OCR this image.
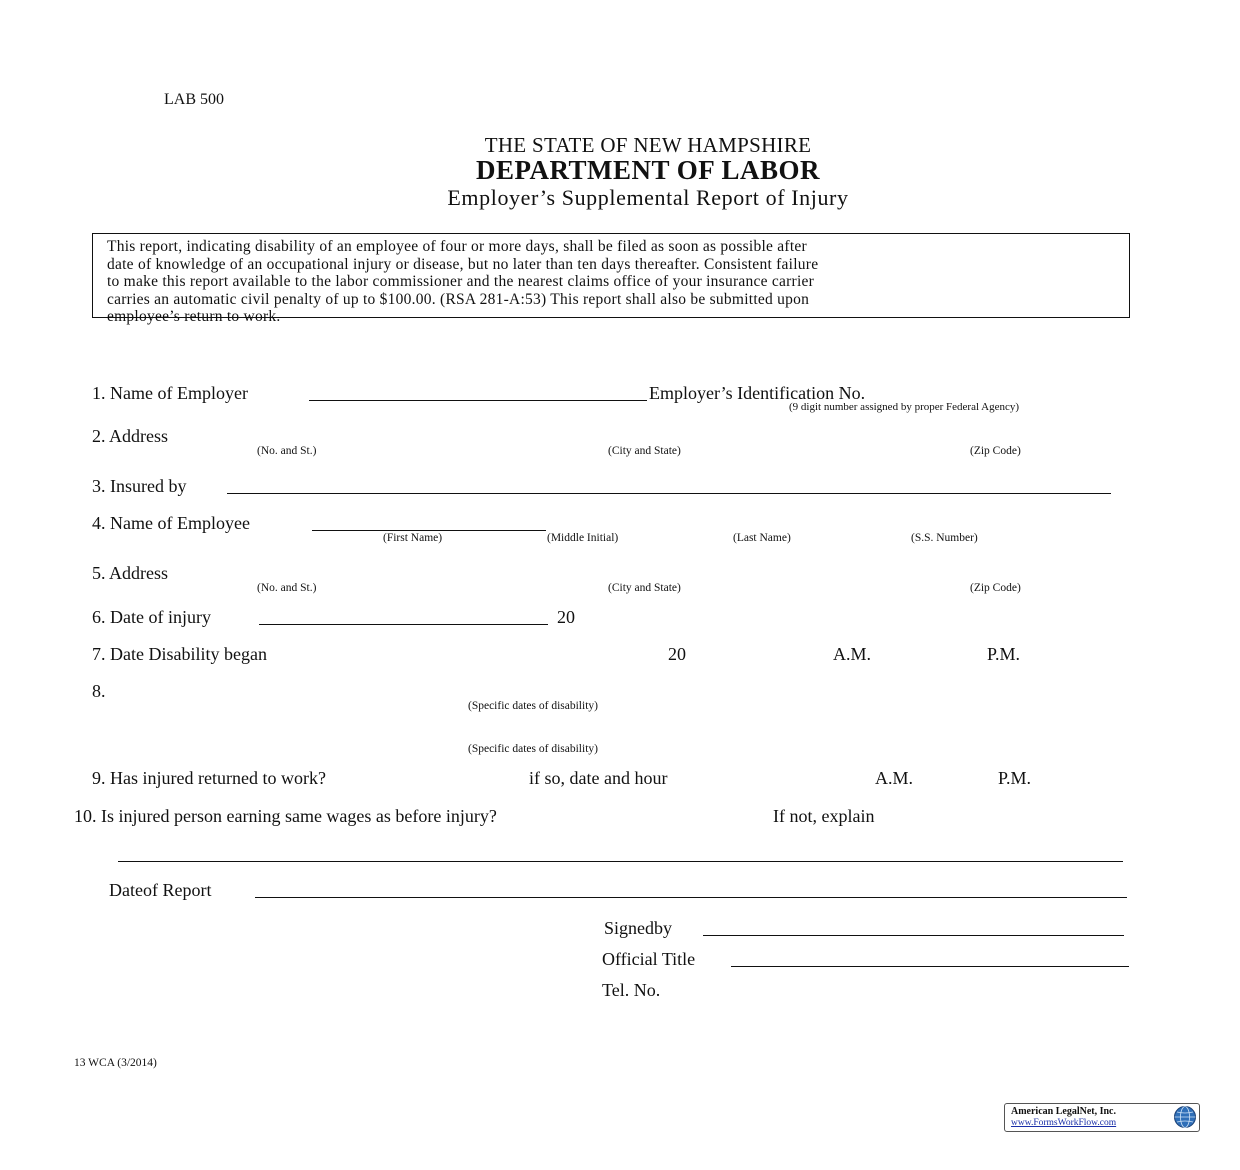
LAB 500
THE STATE OF NEW HAMPSHIRE
DEPARTMENT OF LABOR
Employer’s Supplemental Report of Injury
This report, indicating disability of an employee of four or more days, shall be filed as soon as possible after
date of knowledge of an occupational injury or disease, but no later than ten days thereafter. Consistent failure
to make this report available to the labor commissioner and the nearest claims office of your insurance carrier
carries an automatic civil penalty of up to $100.00. (RSA 281-A:53) This report shall also be submitted upon
employee’s return to work.
1. Name of Employer	Employer’s Identification No.
(9 digit number assigned by proper Federal Agency)
2. Address
(No. and St.)	(City and State)	(Zip Code)
3. Insured by
4. Name of Employee
(First Name)	(Middle Initial)	(Last Name)	(S.S. Number)
5. Address
(No. and St.)	(City and State)	(Zip Code)
6. Date of injury	20
7. Date Disability began	20	A.M.	P.M.
8.
(Specific dates of disability)
(Specific dates of disability)
9. Has injured returned to work?	if so, date and hour	A.M.	P.M.
10. Is injured person earning same wages as before injury?	If not, explain
Dateof Report
Signedby
Official Title
Tel. No.
13 WCA (3/2014)
American LegalNet, Inc.
www.FormsWorkFlow.com
